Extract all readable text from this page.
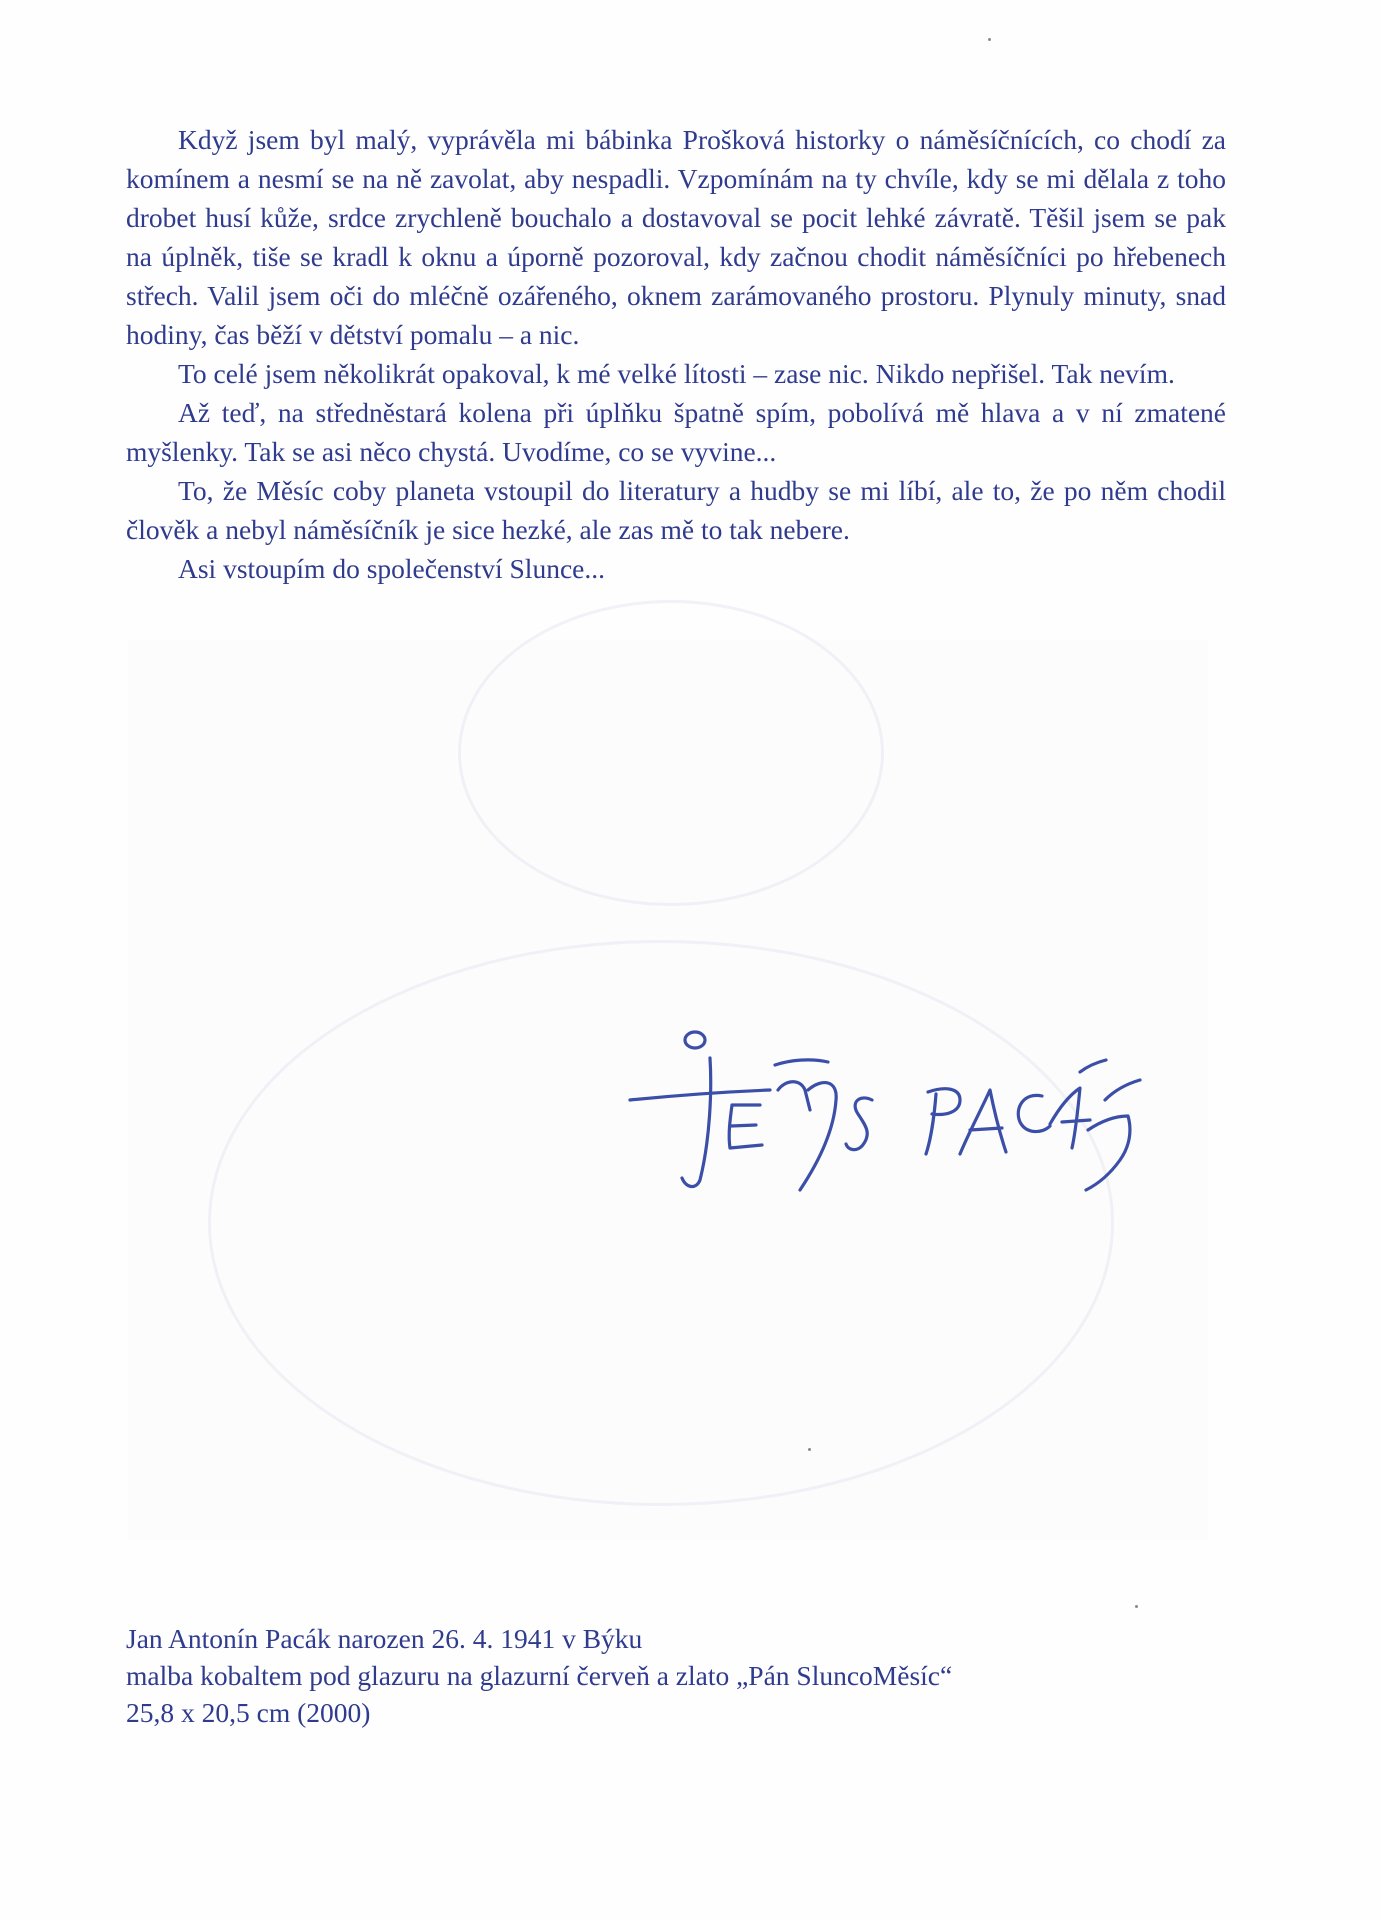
Když jsem byl malý, vyprávěla mi bábinka Prošková historky o náměsíčnících, co chodí za komínem a nesmí se na ně zavolat, aby nespadli. Vzpomínám na ty chvíle, kdy se mi dělala z toho drobet husí kůže, srdce zrychleně bouchalo a dostavoval se pocit lehké závratě. Těšil jsem se pak na úplněk, tiše se kradl k oknu a úporně pozoroval, kdy začnou chodit náměsíčníci po hřebenech střech. Valil jsem oči do mléčně ozářeného, oknem zarámovaného prostoru. Plynuly minuty, snad hodiny, čas běží v dětství pomalu – a nic.

To celé jsem několikrát opakoval, k mé velké lítosti – zase nic. Nikdo nepřišel. Tak nevím.

Až teď, na středněstará kolena při úplňku špatně spím, pobolívá mě hlava a v ní zmatené myšlenky. Tak se asi něco chystá. Uvodíme, co se vyvine...

To, že Měsíc coby planeta vstoupil do literatury a hudby se mi líbí, ale to, že po něm chodil člověk a nebyl náměsíčník je sice hezké, ale zas mě to tak nebere.

Asi vstoupím do společenství Slunce...

Jan Antonín Pacák narozen 26. 4. 1941 v Býku
malba kobaltem pod glazuru na glazurní červeň a zlato „Pán SluncoMěsíc“
25,8 x 20,5 cm (2000)
